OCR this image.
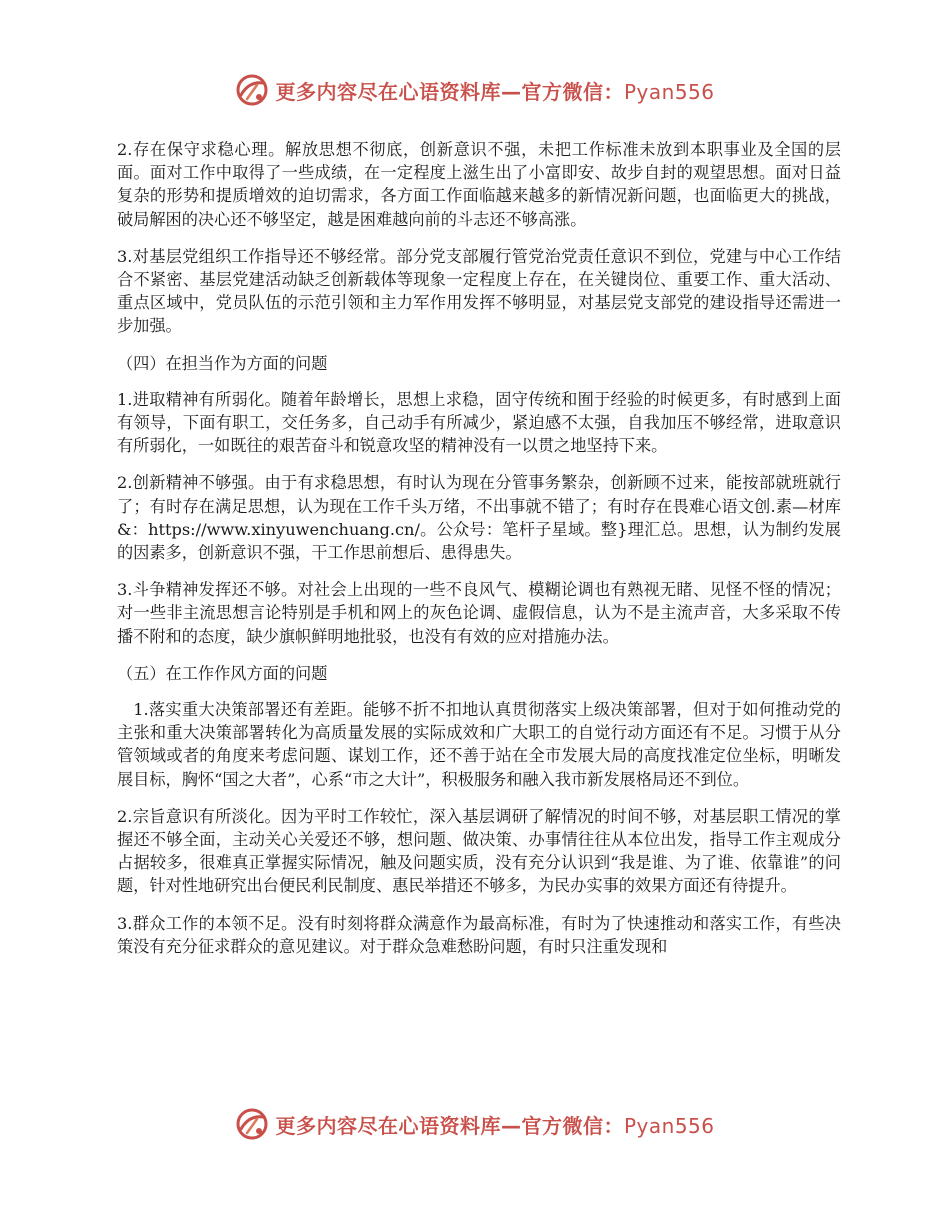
更多内容尽在心语资料库—官方微信：Pyan556

2.存在保守求稳心理。解放思想不彻底，创新意识不强，未把工作标准未放到本职事业及全国的层面。面对工作中取得了一些成绩，在一定程度上滋生出了小富即安、故步自封的观望思想。面对日益复杂的形势和提质增效的迫切需求，各方面工作面临越来越多的新情况新问题，也面临更大的挑战，破局解困的决心还不够坚定，越是困难越向前的斗志还不够高涨。

3.对基层党组织工作指导还不够经常。部分党支部履行管党治党责任意识不到位，党建与中心工作结合不紧密、基层党建活动缺乏创新载体等现象一定程度上存在，在关键岗位、重要工作、重大活动、重点区域中，党员队伍的示范引领和主力军作用发挥不够明显，对基层党支部党的建设指导还需进一步加强。

（四）在担当作为方面的问题

1.进取精神有所弱化。随着年龄增长，思想上求稳，固守传统和囿于经验的时候更多，有时感到上面有领导，下面有职工，交任务多，自己动手有所减少，紧迫感不太强，自我加压不够经常，进取意识有所弱化，一如既往的艰苦奋斗和锐意攻坚的精神没有一以贯之地坚持下来。

2.创新精神不够强。由于有求稳思想，有时认为现在分管事务繁杂，创新顾不过来，能按部就班就行了；有时存在满足思想，认为现在工作千头万绪，不出事就不错了；有时存在畏难心语文创.素—材库&：https://www.xinyuwenchuang.cn/。公众号：笔杆子星域。整}理汇总。思想，认为制约发展的因素多，创新意识不强，干工作思前想后、患得患失。

3.斗争精神发挥还不够。对社会上出现的一些不良风气、模糊论调也有熟视无睹、见怪不怪的情况；对一些非主流思想言论特别是手机和网上的灰色论调、虚假信息，认为不是主流声音，大多采取不传播不附和的态度，缺少旗帜鲜明地批驳，也没有有效的应对措施办法。

（五）在工作作风方面的问题

1.落实重大决策部署还有差距。能够不折不扣地认真贯彻落实上级决策部署，但对于如何推动党的主张和重大决策部署转化为高质量发展的实际成效和广大职工的自觉行动方面还有不足。习惯于从分管领域或者的角度来考虑问题、谋划工作，还不善于站在全市发展大局的高度找准定位坐标，明晰发展目标，胸怀“国之大者”，心系“市之大计”，积极服务和融入我市新发展格局还不到位。

2.宗旨意识有所淡化。因为平时工作较忙，深入基层调研了解情况的时间不够，对基层职工情况的掌握还不够全面，主动关心关爱还不够，想问题、做决策、办事情往往从本位出发，指导工作主观成分占据较多，很难真正掌握实际情况，触及问题实质，没有充分认识到“我是谁、为了谁、依靠谁”的问题，针对性地研究出台便民利民制度、惠民举措还不够多，为民办实事的效果方面还有待提升。

3.群众工作的本领不足。没有时刻将群众满意作为最高标准，有时为了快速推动和落实工作，有些决策没有充分征求群众的意见建议。对于群众急难愁盼问题，有时只注重发现和

更多内容尽在心语资料库—官方微信：Pyan556
